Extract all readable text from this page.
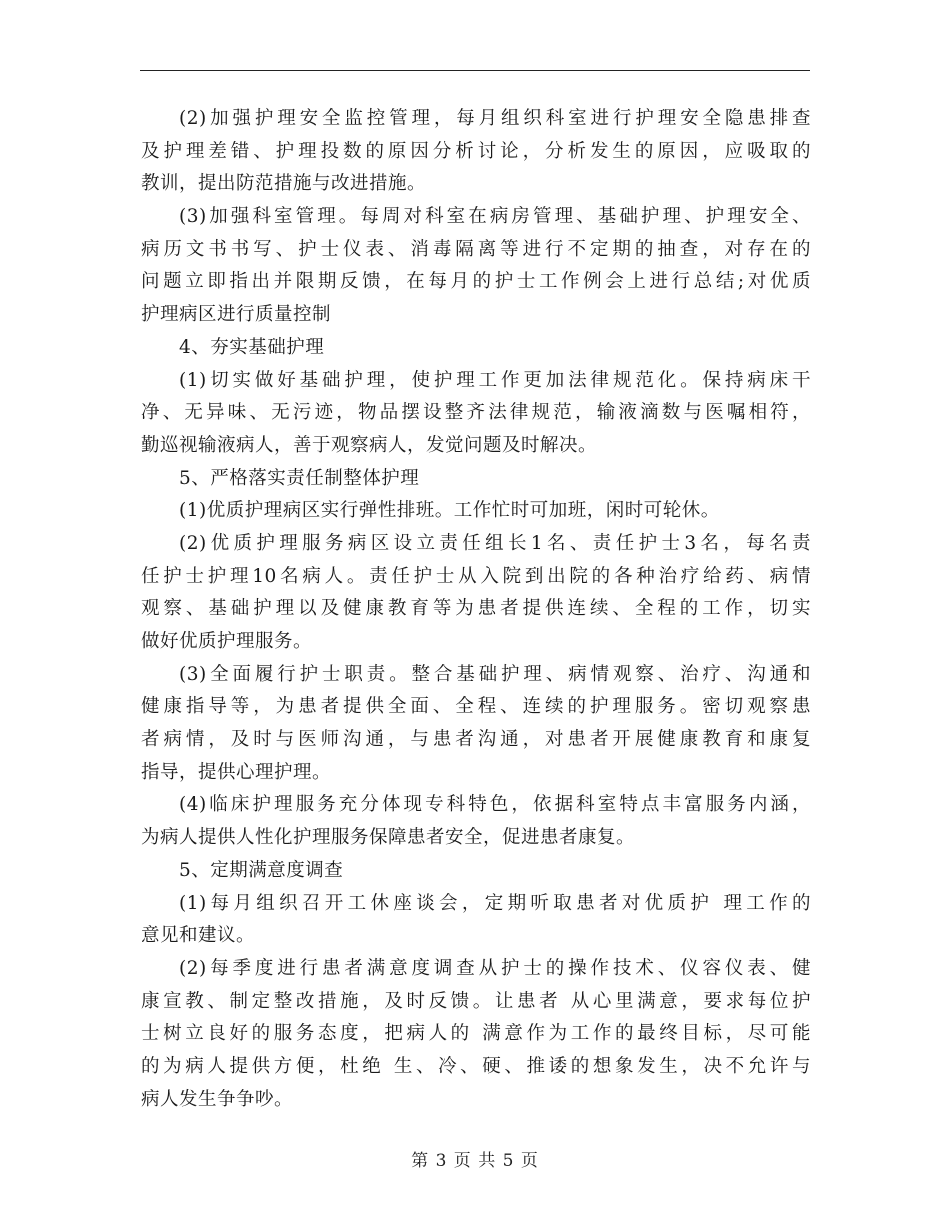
(2)加强护理安全监控管理，每月组织科室进行护理安全隐患排查
及护理差错、护理投数的原因分析讨论，分析发生的原因，应吸取的
教训，提出防范措施与改进措施。
(3)加强科室管理。每周对科室在病房管理、基础护理、护理安全、
病历文书书写、护士仪表、消毒隔离等进行不定期的抽查，对存在的
问题立即指出并限期反馈，在每月的护士工作例会上进行总结;对优质
护理病区进行质量控制
4、夯实基础护理
(1)切实做好基础护理，使护理工作更加法律规范化。保持病床干
净、无异味、无污迹，物品摆设整齐法律规范，输液滴数与医嘱相符，
勤巡视输液病人，善于观察病人，发觉问题及时解决。
5、严格落实责任制整体护理
(1)优质护理病区实行弹性排班。工作忙时可加班，闲时可轮休。
(2)优质护理服务病区设立责任组长1名、责任护士3名，每名责
任护士护理10名病人。责任护士从入院到出院的各种治疗给药、病情
观察、基础护理以及健康教育等为患者提供连续、全程的工作，切实
做好优质护理服务。
(3)全面履行护士职责。整合基础护理、病情观察、治疗、沟通和
健康指导等，为患者提供全面、全程、连续的护理服务。密切观察患
者病情，及时与医师沟通，与患者沟通，对患者开展健康教育和康复
指导，提供心理护理。
(4)临床护理服务充分体现专科特色，依据科室特点丰富服务内涵，
为病人提供人性化护理服务保障患者安全，促进患者康复。
5、定期满意度调查
(1)每月组织召开工休座谈会，定期听取患者对优质护 理工作的
意见和建议。
(2)每季度进行患者满意度调查从护士的操作技术、仪容仪表、健
康宣教、制定整改措施，及时反馈。让患者 从心里满意，要求每位护
士树立良好的服务态度，把病人的 满意作为工作的最终目标，尽可能
的为病人提供方便，杜绝 生、冷、硬、推诿的想象发生，决不允许与
病人发生争争吵。
第 3 页 共 5 页
